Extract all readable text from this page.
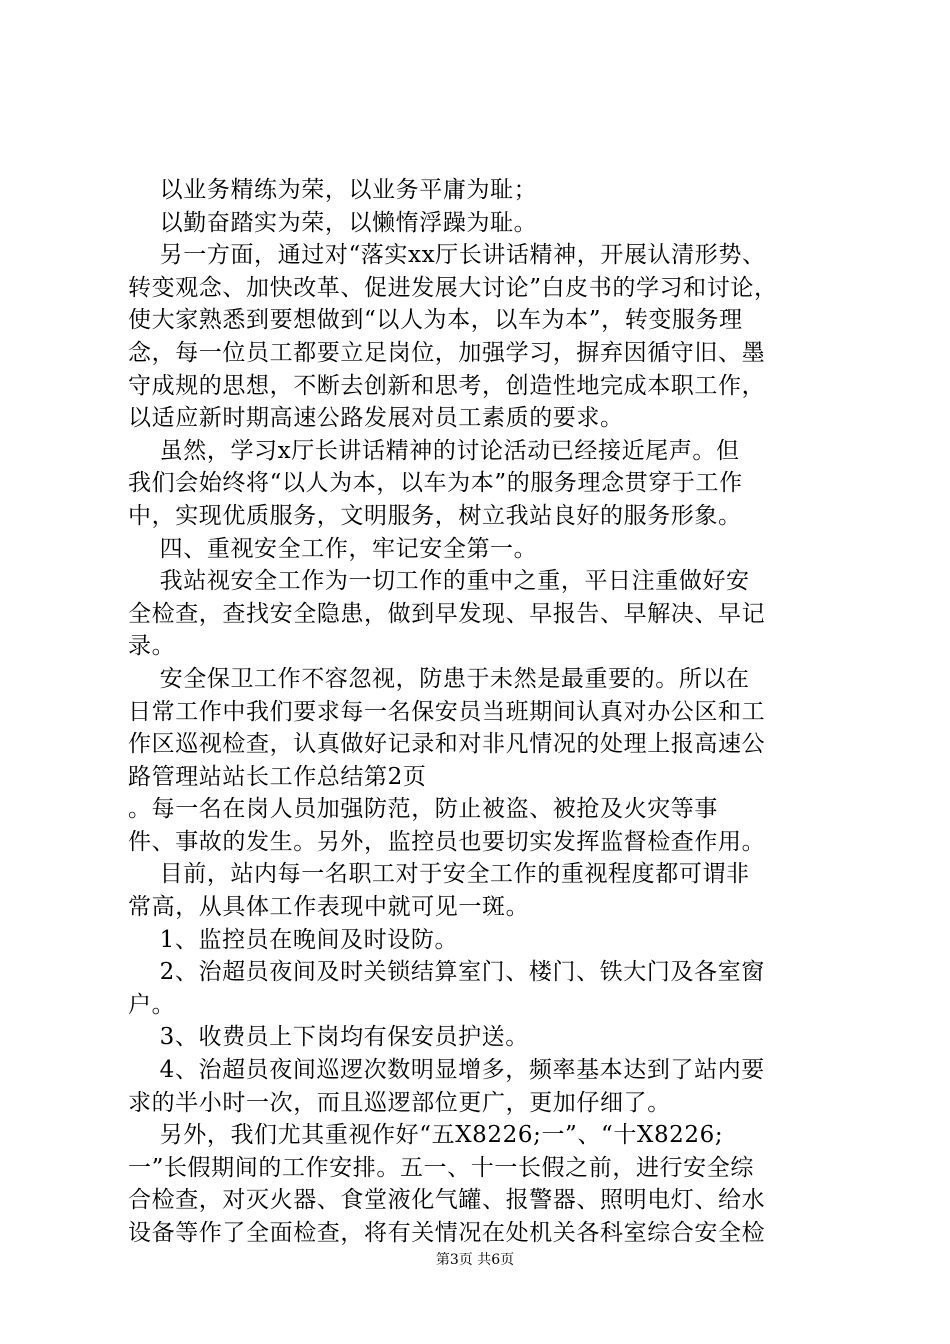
以业务精练为荣，以业务平庸为耻；
以勤奋踏实为荣，以懒惰浮躁为耻。
另一方面，通过对“落实xx厅长讲话精神，开展认清形势、
转变观念、加快改革、促进发展大讨论”白皮书的学习和讨论，
使大家熟悉到要想做到“以人为本，以车为本”，转变服务理
念，每一位员工都要立足岗位，加强学习，摒弃因循守旧、墨
守成规的思想，不断去创新和思考，创造性地完成本职工作，
以适应新时期高速公路发展对员工素质的要求。
虽然，学习x厅长讲话精神的讨论活动已经接近尾声。但
我们会始终将“以人为本，以车为本”的服务理念贯穿于工作
中，实现优质服务，文明服务，树立我站良好的服务形象。
四、重视安全工作，牢记安全第一。
我站视安全工作为一切工作的重中之重，平日注重做好安
全检查，查找安全隐患，做到早发现、早报告、早解决、早记
录。
安全保卫工作不容忽视，防患于未然是最重要的。所以在
日常工作中我们要求每一名保安员当班期间认真对办公区和工
作区巡视检查，认真做好记录和对非凡情况的处理上报高速公
路管理站站长工作总结第2页
。每一名在岗人员加强防范，防止被盗、被抢及火灾等事
件、事故的发生。另外，监控员也要切实发挥监督检查作用。
目前，站内每一名职工对于安全工作的重视程度都可谓非
常高，从具体工作表现中就可见一斑。
1、监控员在晚间及时设防。
2、治超员夜间及时关锁结算室门、楼门、铁大门及各室窗
户。
3、收费员上下岗均有保安员护送。
4、治超员夜间巡逻次数明显增多，频率基本达到了站内要
求的半小时一次，而且巡逻部位更广，更加仔细了。
另外，我们尤其重视作好“五X8226;一”、“十X8226;
一”长假期间的工作安排。五一、十一长假之前，进行安全综
合检查，对灭火器、食堂液化气罐、报警器、照明电灯、给水
设备等作了全面检查，将有关情况在处机关各科室综合安全检
第3页 共6页
